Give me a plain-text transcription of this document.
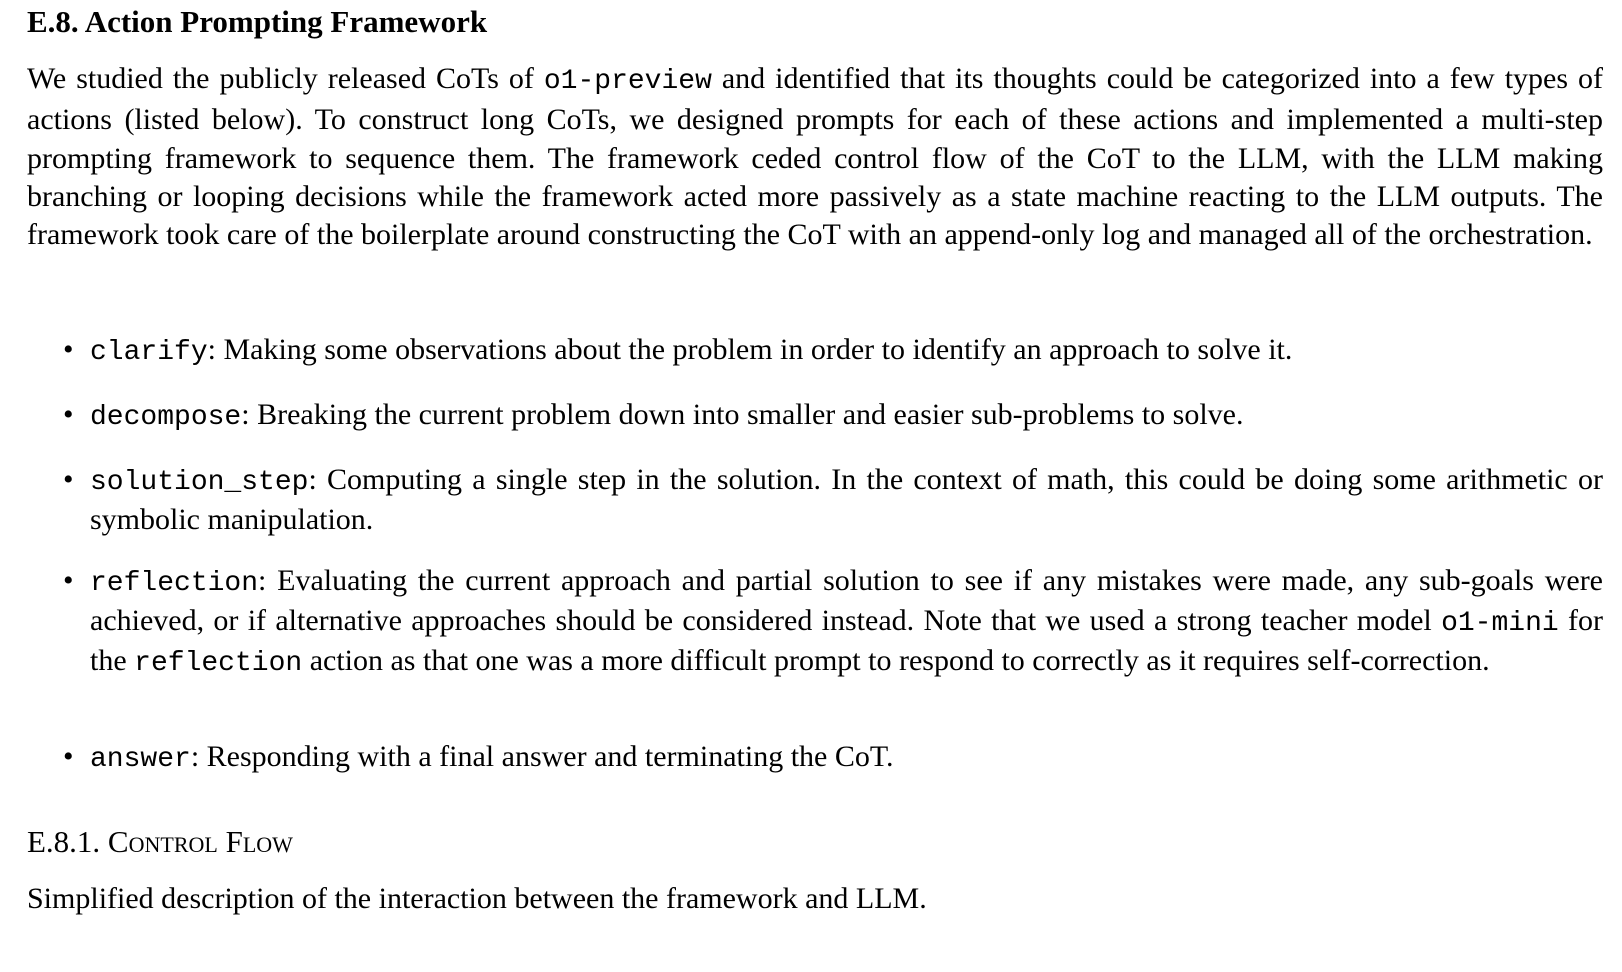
E.8. Action Prompting Framework

We studied the publicly released CoTs of o1-preview and identified that its thoughts could be categorized into a few types of actions (listed below). To construct long CoTs, we designed prompts for each of these actions and implemented a multi-step prompting framework to sequence them. The framework ceded control flow of the CoT to the LLM, with the LLM making branching or looping decisions while the framework acted more passively as a state machine reacting to the LLM outputs. The framework took care of the boilerplate around constructing the CoT with an append-only log and managed all of the orchestration.

• clarify: Making some observations about the problem in order to identify an approach to solve it.

• decompose: Breaking the current problem down into smaller and easier sub-problems to solve.

• solution_step: Computing a single step in the solution. In the context of math, this could be doing some arithmetic or symbolic manipulation.

• reflection: Evaluating the current approach and partial solution to see if any mistakes were made, any sub-goals were achieved, or if alternative approaches should be considered instead. Note that we used a strong teacher model o1-mini for the reflection action as that one was a more difficult prompt to respond to correctly as it requires self-correction.

• answer: Responding with a final answer and terminating the CoT.

E.8.1. Control Flow

Simplified description of the interaction between the framework and LLM.
